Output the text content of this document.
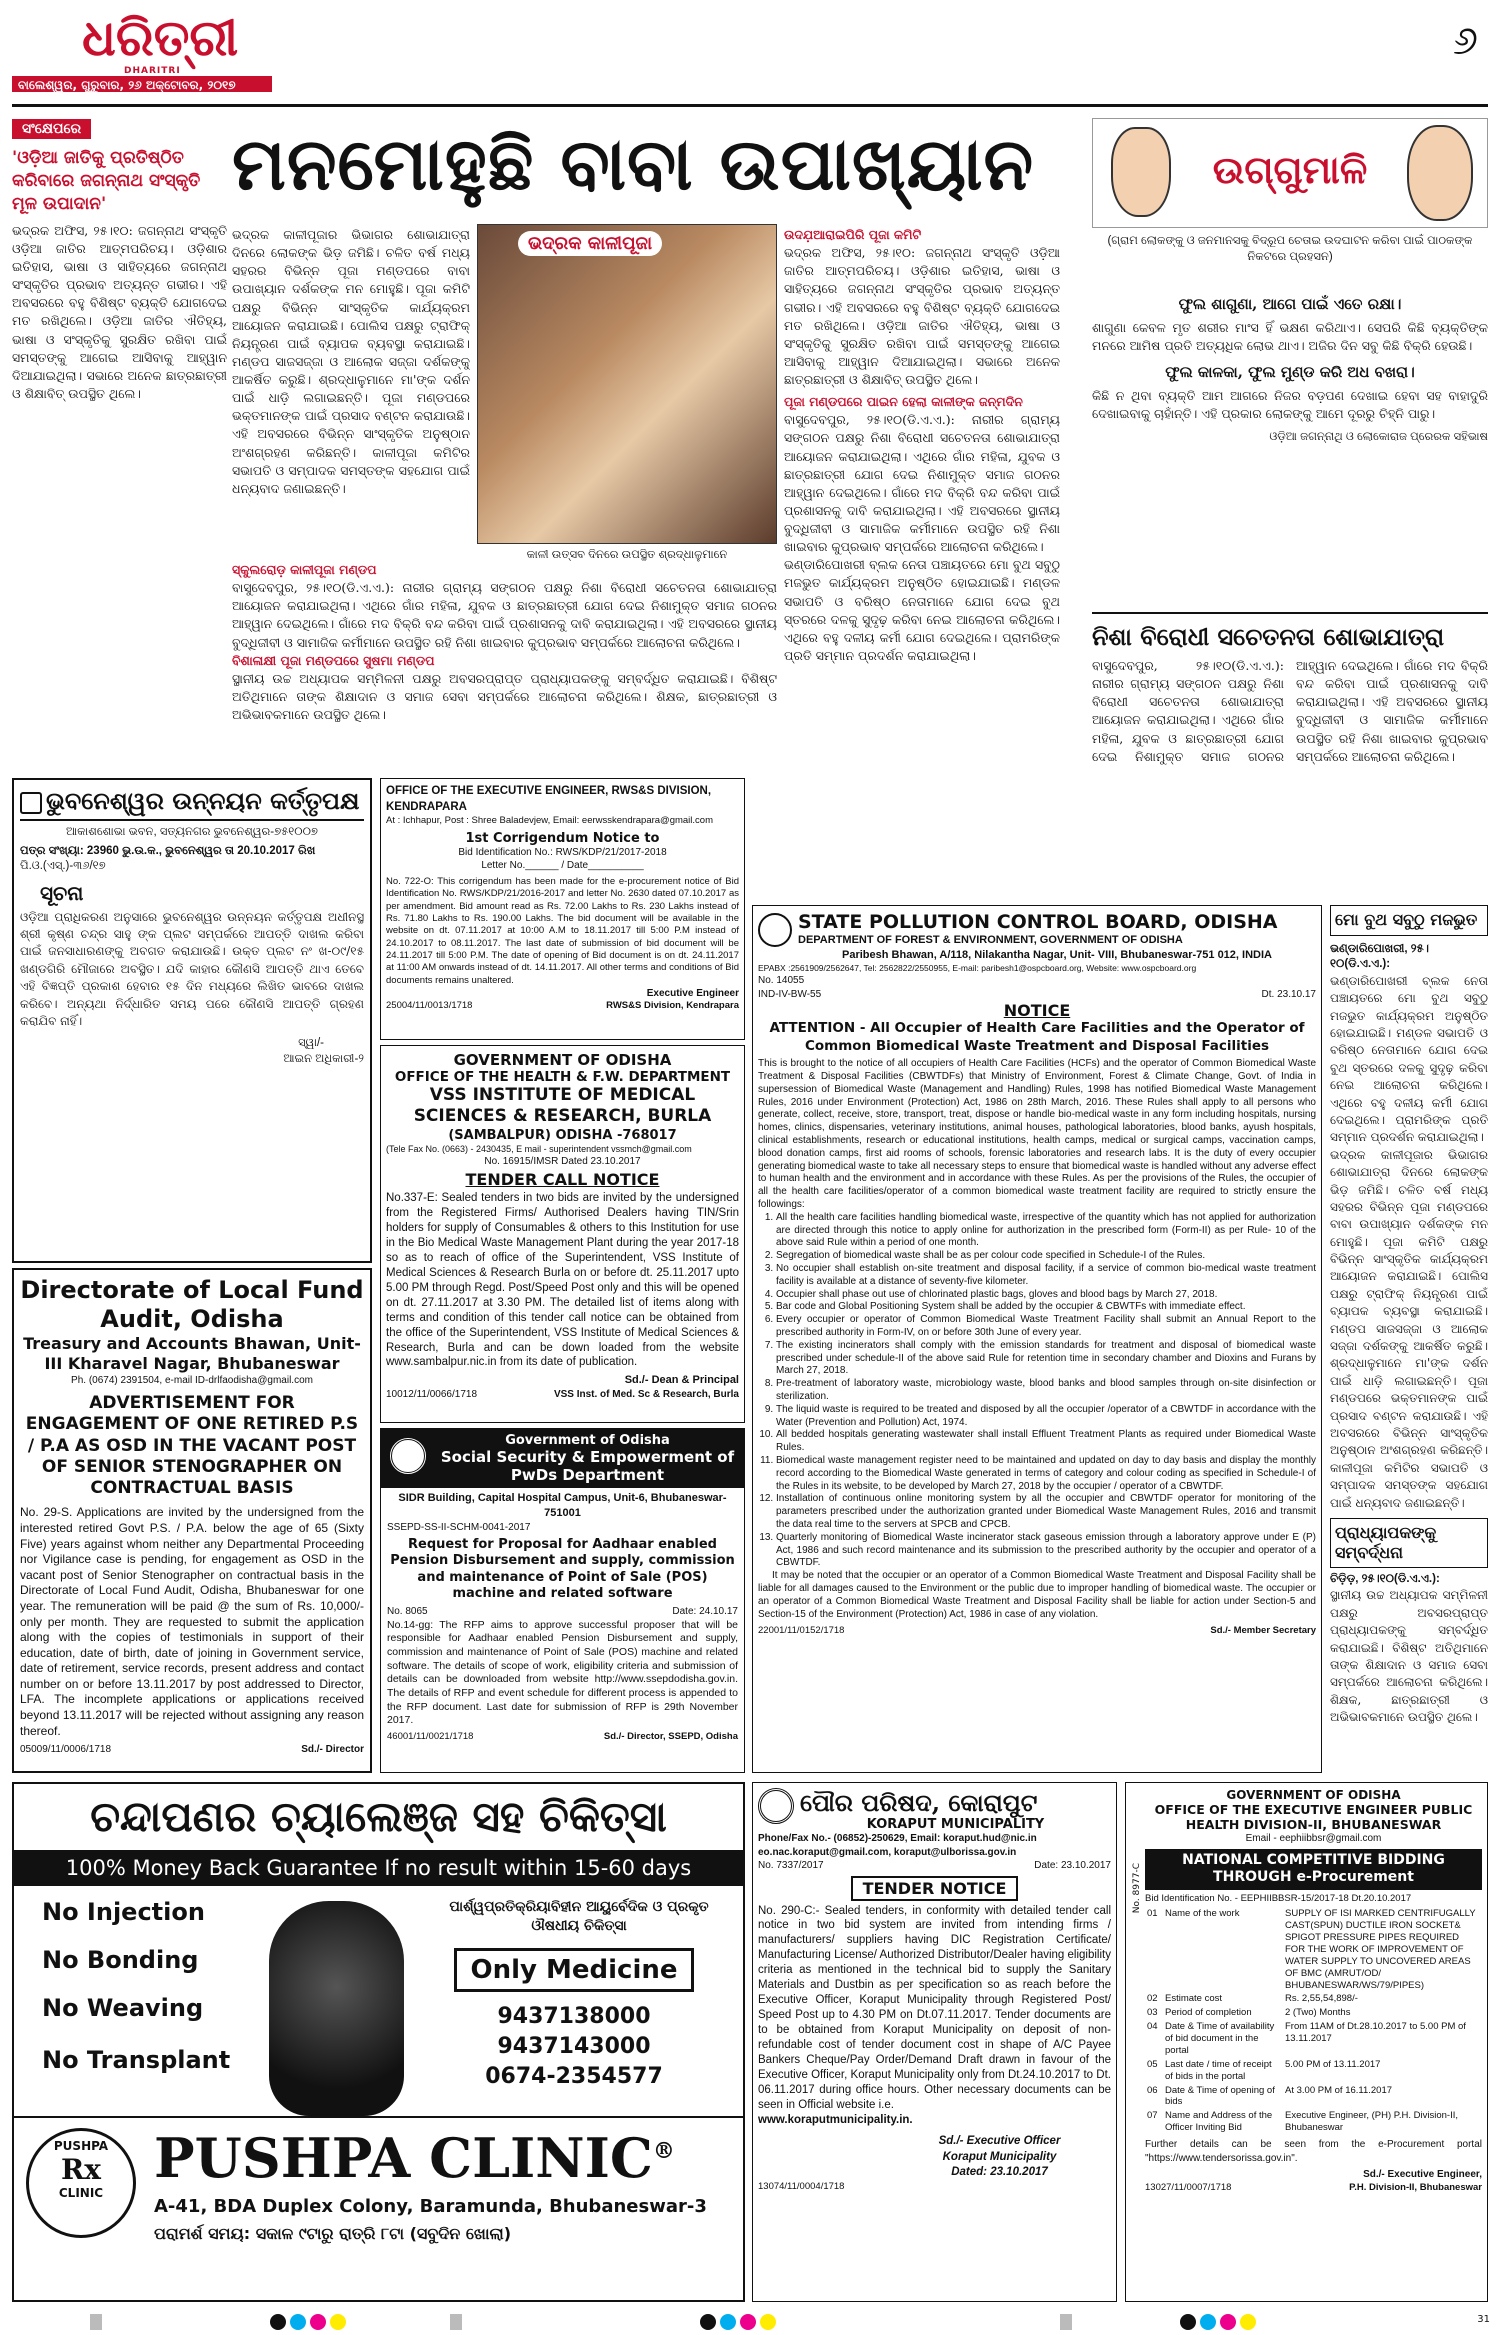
ଧରିତ୍ରୀ
DHARITRI
ବାଲେଶ୍ୱର, ଗୁରୁବାର, ୨୬ ଅକ୍ଟୋବର, ୨୦୧୭
୬
ସଂକ୍ଷେପରେ
'ଓଡ଼ିଆ ଜାତିକୁ ପ୍ରତିଷ୍ଠିତ କରିବାରେ ଜଗନ୍ନାଥ ସଂସ୍କୃତି ମୂଳ ଉପାଦାନ'
ଭଦ୍ରକ ଅଫିସ, ୨୫।୧୦: ଜଗନ୍ନାଥ ସଂସ୍କୃତି ଓଡ଼ିଆ ଜାତିର ଆତ୍ମପରିଚୟ। ଓଡ଼ିଶାର ଇତିହାସ, ଭାଷା ଓ ସାହିତ୍ୟରେ ଜଗନ୍ନାଥ ସଂସ୍କୃତିର ପ୍ରଭାବ ଅତ୍ୟନ୍ତ ଗଭୀର। ଏହି ଅବସରରେ ବହୁ ବିଶିଷ୍ଟ ବ୍ୟକ୍ତି ଯୋଗଦେଇ ମତ ରଖିଥିଲେ। ଓଡ଼ିଆ ଜାତିର ଐତିହ୍ୟ, ଭାଷା ଓ ସଂସ୍କୃତିକୁ ସୁରକ୍ଷିତ ରଖିବା ପାଇଁ ସମସ୍ତଙ୍କୁ ଆଗେଇ ଆସିବାକୁ ଆହ୍ୱାନ ଦିଆଯାଇଥିଲା। ସଭାରେ ଅନେକ ଛାତ୍ରଛାତ୍ରୀ ଓ ଶିକ୍ଷାବିତ୍ ଉପସ୍ଥିତ ଥିଲେ।
ମନମୋହୁଛି ବାବା ଉପାଖ୍ୟାନ
ଭଦ୍ରକ କାଳୀପୂଜାର ଭିଭାଗର ଶୋଭାଯାତ୍ରା ଦିନରେ ଲୋକଙ୍କ ଭିଡ଼ ଜମିଛି। ଚଳିତ ବର୍ଷ ମଧ୍ୟ ସହରର ବିଭିନ୍ନ ପୂଜା ମଣ୍ଡପରେ ବାବା ଉପାଖ୍ୟାନ ଦର୍ଶକଙ୍କ ମନ ମୋହୁଛି। ପୂଜା କମିଟି ପକ୍ଷରୁ ବିଭିନ୍ନ ସାଂସ୍କୃତିକ କାର୍ଯ୍ୟକ୍ରମ ଆୟୋଜନ କରାଯାଇଛି। ପୋଲିସ ପକ୍ଷରୁ ଟ୍ରାଫିକ୍ ନିୟନ୍ତ୍ରଣ ପାଇଁ ବ୍ୟାପକ ବ୍ୟବସ୍ଥା କରାଯାଇଛି। ମଣ୍ଡପ ସାଜସଜ୍ଜା ଓ ଆଲୋକ ସଜ୍ଜା ଦର୍ଶକଙ୍କୁ ଆକର୍ଷିତ କରୁଛି। ଶ୍ରଦ୍ଧାଳୁମାନେ ମା'ଙ୍କ ଦର୍ଶନ ପାଇଁ ଧାଡ଼ି ଲଗାଇଛନ୍ତି। ପୂଜା ମଣ୍ଡପରେ ଭକ୍ତମାନଙ୍କ ପାଇଁ ପ୍ରସାଦ ବଣ୍ଟନ କରାଯାଉଛି। ଏହି ଅବସରରେ ବିଭିନ୍ନ ସାଂସ୍କୃତିକ ଅନୁଷ୍ଠାନ ଅଂଶଗ୍ରହଣ କରିଛନ୍ତି। କାଳୀପୂଜା କମିଟିର ସଭାପତି ଓ ସମ୍ପାଦକ ସମସ୍ତଙ୍କ ସହଯୋଗ ପାଇଁ ଧନ୍ୟବାଦ ଜଣାଇଛନ୍ତି।
ଭଦ୍ରକ କାଳୀପୂଜା
କାଳୀ ଉତ୍ସବ ଦିନରେ ଉପସ୍ଥିତ ଶ୍ରଦ୍ଧାଳୁମାନେ
ଉଦଯ଼ଆରାଇପିରି ପୂଜା କମିଟି
ଭଦ୍ରକ ଅଫିସ, ୨୫।୧୦: ଜଗନ୍ନାଥ ସଂସ୍କୃତି ଓଡ଼ିଆ ଜାତିର ଆତ୍ମପରିଚୟ। ଓଡ଼ିଶାର ଇତିହାସ, ଭାଷା ଓ ସାହିତ୍ୟରେ ଜଗନ୍ନାଥ ସଂସ୍କୃତିର ପ୍ରଭାବ ଅତ୍ୟନ୍ତ ଗଭୀର। ଏହି ଅବସରରେ ବହୁ ବିଶିଷ୍ଟ ବ୍ୟକ୍ତି ଯୋଗଦେଇ ମତ ରଖିଥିଲେ। ଓଡ଼ିଆ ଜାତିର ଐତିହ୍ୟ, ଭାଷା ଓ ସଂସ୍କୃତିକୁ ସୁରକ୍ଷିତ ରଖିବା ପାଇଁ ସମସ୍ତଙ୍କୁ ଆଗେଇ ଆସିବାକୁ ଆହ୍ୱାନ ଦିଆଯାଇଥିଲା। ସଭାରେ ଅନେକ ଛାତ୍ରଛାତ୍ରୀ ଓ ଶିକ୍ଷାବିତ୍ ଉପସ୍ଥିତ ଥିଲେ।
ପୂଜା ମଣ୍ଡପରେ ପାଇନ ହେଲା କାଳୀଙ୍କ ଜନ୍ମଦିନ
ବାସୁଦେବପୁର, ୨୫।୧୦(ଡି.ଏ.ଏ.): ନାରୀର ଗ୍ରାମ୍ୟ ସଙ୍ଗଠନ ପକ୍ଷରୁ ନିଶା ବିରୋଧୀ ସଚେତନତା ଶୋଭାଯାତ୍ରା ଆୟୋଜନ କରାଯାଇଥିଲା। ଏଥିରେ ଗାଁର ମହିଳା, ଯୁବକ ଓ ଛାତ୍ରଛାତ୍ରୀ ଯୋଗ ଦେଇ ନିଶାମୁକ୍ତ ସମାଜ ଗଠନର ଆହ୍ୱାନ ଦେଇଥିଲେ। ଗାଁରେ ମଦ ବିକ୍ରି ବନ୍ଦ କରିବା ପାଇଁ ପ୍ରଶାସନକୁ ଦାବି କରାଯାଇଥିଲା। ଏହି ଅବସରରେ ସ୍ଥାନୀୟ ବୁଦ୍ଧିଜୀବୀ ଓ ସାମାଜିକ କର୍ମୀମାନେ ଉପସ୍ଥିତ ରହି ନିଶା ଖାଇବାର କୁପ୍ରଭାବ ସମ୍ପର୍କରେ ଆଲୋଚନା କରିଥିଲେ।
ଭଣ୍ଡାରିପୋଖରୀ ବ୍ଲକ ନେତା ପଞ୍ଚାୟତରେ ମୋ ବୁଥ ସବୁଠୁ ମଜଭୁତ କାର୍ଯ୍ୟକ୍ରମ ଅନୁଷ୍ଠିତ ହୋଇଯାଇଛି। ମଣ୍ଡଳ ସଭାପତି ଓ ବରିଷ୍ଠ ନେତାମାନେ ଯୋଗ ଦେଇ ବୁଥ ସ୍ତରରେ ଦଳକୁ ସୁଦୃଢ଼ କରିବା ନେଇ ଆଲୋଚନା କରିଥିଲେ। ଏଥିରେ ବହୁ ଦଳୀୟ କର୍ମୀ ଯୋଗ ଦେଇଥିଲେ। ପ୍ରାମରିଙ୍କ ପ୍ରତି ସମ୍ମାନ ପ୍ରଦର୍ଶନ କରାଯାଇଥିଲା।
ସ୍କୁଲରୋଡ଼ କାଳୀପୂଜା ମଣ୍ଡପ
ବାସୁଦେବପୁର, ୨୫।୧୦(ଡି.ଏ.ଏ.): ନାରୀର ଗ୍ରାମ୍ୟ ସଙ୍ଗଠନ ପକ୍ଷରୁ ନିଶା ବିରୋଧୀ ସଚେତନତା ଶୋଭାଯାତ୍ରା ଆୟୋଜନ କରାଯାଇଥିଲା। ଏଥିରେ ଗାଁର ମହିଳା, ଯୁବକ ଓ ଛାତ୍ରଛାତ୍ରୀ ଯୋଗ ଦେଇ ନିଶାମୁକ୍ତ ସମାଜ ଗଠନର ଆହ୍ୱାନ ଦେଇଥିଲେ। ଗାଁରେ ମଦ ବିକ୍ରି ବନ୍ଦ କରିବା ପାଇଁ ପ୍ରଶାସନକୁ ଦାବି କରାଯାଇଥିଲା। ଏହି ଅବସରରେ ସ୍ଥାନୀୟ ବୁଦ୍ଧିଜୀବୀ ଓ ସାମାଜିକ କର୍ମୀମାନେ ଉପସ୍ଥିତ ରହି ନିଶା ଖାଇବାର କୁପ୍ରଭାବ ସମ୍ପର୍କରେ ଆଲୋଚନା କରିଥିଲେ।
ବିଶାଳାକ୍ଷୀ ପୂଜା ମଣ୍ଡପରେ ସୁଷମା ମଣ୍ଡପ
ସ୍ଥାନୀୟ ଉଚ୍ଚ ଅଧ୍ୟାପକ ସମ୍ମିଳନୀ ପକ୍ଷରୁ ଅବସରପ୍ରାପ୍ତ ପ୍ରାଧ୍ୟାପକଙ୍କୁ ସମ୍ବର୍ଦ୍ଧିତ କରାଯାଇଛି। ବିଶିଷ୍ଟ ଅତିଥିମାନେ ତାଙ୍କ ଶିକ୍ଷାଦାନ ଓ ସମାଜ ସେବା ସମ୍ପର୍କରେ ଆଲୋଚନା କରିଥିଲେ। ଶିକ୍ଷକ, ଛାତ୍ରଛାତ୍ରୀ ଓ ଅଭିଭାବକମାନେ ଉପସ୍ଥିତ ଥିଲେ।
ଉଗ୍‌ଗୁମାଳି
(ଗ୍ରାମ ଲୋକଙ୍କୁ ଓ ଜନମାନସକୁ ବିଦ୍ରୂପ ଚେତାଇ ଉଦଘାଟନ କରିବା ପାଇଁ ପାଠକଙ୍କ ନିକଟରେ ପ୍ରହସନ)
ଫୁଲ ଶାଗୁଣା, ଆଗେ ପାଇଁ ଏତେ ରକ୍ଷା।
ଶାଗୁଣା କେବଳ ମୃତ ଶରୀର ମାଂସ ହିଁ ଭକ୍ଷଣ କରିଥାଏ। ସେପରି କିଛି ବ୍ୟକ୍ତିଙ୍କ ମନରେ ଆମିଷ ପ୍ରତି ଅତ୍ୟଧିକ ଲୋଭ ଥାଏ। ଅଜିର ଦିନ ସବୁ କିଛି ବିକ୍ରି ହେଉଛି।
ଫୁଲ କାଳକା, ଫୁଲ ମୁଣ୍ଡ କରି ଅଧ ବଖରା।
କିଛି ନ ଥିବା ବ୍ୟକ୍ତି ଆମ ଆଗରେ ନିଜର ବଡ଼ପଣ ଦେଖାଇ ହେବା ସହ ବାହାଦୁରି ଦେଖାଇବାକୁ ଚାହାଁନ୍ତି। ଏହି ପ୍ରକାର ଲୋକଙ୍କୁ ଆମେ ଦୂରରୁ ଚିହ୍ନି ପାରୁ।
ଓଡ଼ିଆ ଜଗନ୍ନାଥି ଓ ଲୋକୋରାଜ ପ୍ରେରକ ସହିଭାଷ
ନିଶା ବିରୋଧୀ ସଚେତନତା ଶୋଭାଯାତ୍ରା
ବାସୁଦେବପୁର, ୨୫।୧୦(ଡି.ଏ.ଏ.): ନାରୀର ଗ୍ରାମ୍ୟ ସଙ୍ଗଠନ ପକ୍ଷରୁ ନିଶା ବିରୋଧୀ ସଚେତନତା ଶୋଭାଯାତ୍ରା ଆୟୋଜନ କରାଯାଇଥିଲା। ଏଥିରେ ଗାଁର ମହିଳା, ଯୁବକ ଓ ଛାତ୍ରଛାତ୍ରୀ ଯୋଗ ଦେଇ ନିଶାମୁକ୍ତ ସମାଜ ଗଠନର ଆହ୍ୱାନ ଦେଇଥିଲେ। ଗାଁରେ ମଦ ବିକ୍ରି ବନ୍ଦ କରିବା ପାଇଁ ପ୍ରଶାସନକୁ ଦାବି କରାଯାଇଥିଲା। ଏହି ଅବସରରେ ସ୍ଥାନୀୟ ବୁଦ୍ଧିଜୀବୀ ଓ ସାମାଜିକ କର୍ମୀମାନେ ଉପସ୍ଥିତ ରହି ନିଶା ଖାଇବାର କୁପ୍ରଭାବ ସମ୍ପର୍କରେ ଆଲୋଚନା କରିଥିଲେ।
ଭୁବନେଶ୍ୱର ଉନ୍ନୟନ କର୍ତ୍ତୃପକ୍ଷ
ଆକାଶଶୋଭା ଭବନ, ସତ୍ୟନଗର ଭୁବନେଶ୍ୱର-୭୫୧୦୦୭
ପତ୍ର ସଂଖ୍ୟା: 23960 ଭୁ.ଉ.କ., ଭୁବନେଶ୍ୱର ତା 20.10.2017 ରିଖ
ପି.ଓ.(ଏସ୍.)-୩୬/୧୭
ସୂଚନା
ଓଡ଼ିଆ ପ୍ରାଧିକରଣ ଅନୁସାରେ ଭୁବନେଶ୍ୱର ଉନ୍ନୟନ କର୍ତ୍ତୃପକ୍ଷ ଅଧୀନସ୍ଥ ଶ୍ରୀ କୃଷ୍ଣ ଚନ୍ଦ୍ର ସାହୁ ଙ୍କ ପ୍ଲଟ ସମ୍ପର୍କରେ ଆପତ୍ତି ଦାଖଲ କରିବା ପାଇଁ ଜନସାଧାରଣଙ୍କୁ ଅବଗତ କରାଯାଉଛି। ଉକ୍ତ ପ୍ଲଟ ନଂ ଖ-୦୯/୧୫ ଖଣ୍ଡଗିରି ମୌଜାରେ ଅବସ୍ଥିତ। ଯଦି କାହାର କୌଣସି ଆପତ୍ତି ଥାଏ ତେବେ ଏହି ବିଜ୍ଞପ୍ତି ପ୍ରକାଶ ହେବାର ୧୫ ଦିନ ମଧ୍ୟରେ ଲିଖିତ ଭାବରେ ଦାଖଲ କରିବେ। ଅନ୍ୟଥା ନିର୍ଦ୍ଧାରିତ ସମୟ ପରେ କୌଣସି ଆପତ୍ତି ଗ୍ରହଣ କରାଯିବ ନାହିଁ।
ସ୍ୱା/-
ଆଇନ ଅଧିକାରୀ-୨
OFFICE OF THE EXECUTIVE ENGINEER, RWS&S DIVISION, KENDRAPARA
At : Ichhapur, Post : Shree Baladevjew, Email: eerwsskendrapara@gmail.com
1st Corrigendum Notice to
Bid Identification No.: RWS/KDP/21/2017-2018
Letter No.______ / Date__________
No. 722-O: This corrigendum has been made for the e-procurement notice of Bid Identification No. RWS/KDP/21/2016-2017 and letter No. 2630 dated 07.10.2017 as per amendment. Bid amount read as Rs. 72.00 Lakhs to Rs. 230 Lakhs instead of Rs. 71.80 Lakhs to Rs. 190.00 Lakhs. The bid document will be available in the website on dt. 07.11.2017 at 10:00 A.M to 18.11.2017 till 5:00 P.M instead of 24.10.2017 to 08.11.2017. The last date of submission of bid document will be 24.11.2017 till 5:00 P.M. The date of opening of Bid document is on dt. 24.11.2017 at 11:00 AM onwards instead of dt. 14.11.2017. All other terms and conditions of Bid documents remains unaltered.
Executive Engineer
25004/11/0013/1718	RWS&S Division, Kendrapara
GOVERNMENT OF ODISHA
OFFICE OF THE HEALTH & F.W. DEPARTMENT
VSS INSTITUTE OF MEDICAL SCIENCES & RESEARCH, BURLA
(SAMBALPUR) ODISHA -768017
(Tele Fax No. (0663) - 2430435, E mail - superintendent vssmch@gmail.com
No. 16915/IMSR Dated 23.10.2017
TENDER CALL NOTICE
No.337-E: Sealed tenders in two bids are invited by the undersigned from the Registered Firms/ Authorised Dealers having TIN/Srin holders for supply of Consumables & others to this Institution for use in the Bio Medical Waste Management Plant during the year 2017-18 so as to reach of office of the Superintendent, VSS Institute of Medical Sciences & Research Burla on or before dt. 25.11.2017 upto 5.00 PM through Regd. Post/Speed Post only and this will be opened on dt. 27.11.2017 at 3.30 PM. The detailed list of items along with terms and condition of this tender call notice can be obtained from the office of the Superintendent, VSS Institute of Medical Sciences & Research, Burla and can be down loaded from the website www.sambalpur.nic.in from its date of publication.
Sd./- Dean & Principal
10012/11/0066/1718	VSS Inst. of Med. Sc & Research, Burla
Directorate of Local Fund Audit, Odisha
Treasury and Accounts Bhawan, Unit-III Kharavel Nagar, Bhubaneswar
Ph. (0674) 2391504, e-mail ID-drlfaodisha@gmail.com
ADVERTISEMENT FOR ENGAGEMENT OF ONE RETIRED P.S / P.A AS OSD IN THE VACANT POST OF SENIOR STENOGRAPHER ON CONTRACTUAL BASIS
No. 29-S. Applications are invited by the undersigned from the interested retired Govt P.S. / P.A. below the age of 65 (Sixty Five) years against whom neither any Departmental Proceeding nor Vigilance case is pending, for engagement as OSD in the vacant post of Senior Stenographer on contractual basis in the Directorate of Local Fund Audit, Odisha, Bhubaneswar for one year. The remuneration will be paid @ the sum of Rs. 10,000/- only per month. They are requested to submit the application along with the copies of testimonials in support of their education, date of birth, date of joining in Government service, date of retirement, service records, present address and contact number on or before 13.11.2017 by post addressed to Director, LFA. The incomplete applications or applications received beyond 13.11.2017 will be rejected without assigning any reason thereof.
05009/11/0006/1718	Sd./- Director
Government of Odisha
Social Security & Empowerment of PwDs Department
SIDR Building, Capital Hospital Campus, Unit-6, Bhubaneswar-751001
SSEPD-SS-II-SCHM-0041-2017
Request for Proposal for Aadhaar enabled Pension Disbursement and supply, commission and maintenance of Point of Sale (POS) machine and related software
No. 8065	Date: 24.10.17
No.14-gg: The RFP aims to approve successful proposer that will be responsible for Aadhaar enabled Pension Disbursement and supply, commission and maintenance of Point of Sale (POS) machine and related software. The details of scope of work, eligibility criteria and submission of details can be downloaded from website http://www.ssepdodisha.gov.in. The details of RFP and event schedule for different process is appended to the RFP document. Last date for submission of RFP is 29th November 2017.
46001/11/0021/1718	Sd./- Director, SSEPD, Odisha
STATE POLLUTION CONTROL BOARD, ODISHA
DEPARTMENT OF FOREST & ENVIRONMENT, GOVERNMENT OF ODISHA
Paribesh Bhawan, A/118, Nilakantha Nagar, Unit- VIII, Bhubaneswar-751 012, INDIA
EPABX :2561909/2562647, Tel: 2562822/2550955, E-mail: paribesh1@ospcboard.org, Website: www.ospcboard.org
No. 14055
IND-IV-BW-55	Dt. 23.10.17
NOTICE
ATTENTION - All Occupier of Health Care Facilities and the Operator of Common Biomedical Waste Treatment and Disposal Facilities
This is brought to the notice of all occupiers of Health Care Facilities (HCFs) and the operator of Common Biomedical Waste Treatment & Disposal Facilities (CBWTDFs) that Ministry of Environment, Forest & Climate Change, Govt. of India in supersession of Biomedical Waste (Management and Handling) Rules, 1998 has notified Biomedical Waste Management Rules, 2016 under Environment (Protection) Act, 1986 on 28th March, 2016. These Rules shall apply to all persons who generate, collect, receive, store, transport, treat, dispose or handle bio-medical waste in any form including hospitals, nursing homes, clinics, dispensaries, veterinary institutions, animal houses, pathological laboratories, blood banks, ayush hospitals, clinical establishments, research or educational institutions, health camps, medical or surgical camps, vaccination camps, blood donation camps, first aid rooms of schools, forensic laboratories and research labs. It is the duty of every occupier generating biomedical waste to take all necessary steps to ensure that biomedical waste is handled without any adverse effect to human health and the environment and in accordance with these Rules. As per the provisions of the Rules, the occupier of all the health care facilities/operator of a common biomedical waste treatment facility are required to strictly ensure the followings:
1. All the health care facilities handling biomedical waste, irrespective of the quantity which has not applied for authorization are directed through this notice to apply online for authorization in the prescribed form (Form-II) as per Rule- 10 of the above said Rule within a period of one month.
2. Segregation of biomedical waste shall be as per colour code specified in Schedule-I of the Rules.
3. No occupier shall establish on-site treatment and disposal facility, if a service of common bio-medical waste treatment facility is available at a distance of seventy-five kilometer.
4. Occupier shall phase out use of chlorinated plastic bags, gloves and blood bags by March 27, 2018.
5. Bar code and Global Positioning System shall be added by the occupier & CBWTFs with immediate effect.
6. Every occupier or operator of Common Biomedical Waste Treatment Facility shall submit an Annual Report to the prescribed authority in Form-IV, on or before 30th June of every year.
7. The existing incinerators shall comply with the emission standards for treatment and disposal of biomedical waste prescribed under schedule-II of the above said Rule for retention time in secondary chamber and Dioxins and Furans by March 27, 2018.
8. Pre-treatment of laboratory waste, microbiology waste, blood banks and blood samples through on-site disinfection or sterilization.
9. The liquid waste is required to be treated and disposed by all the occupier /operator of a CBWTDF in accordance with the Water (Prevention and Pollution) Act, 1974.
10. All bedded hospitals generating wastewater shall install Effluent Treatment Plants as required under Biomedical Waste Rules.
11. Biomedical waste management register need to be maintained and updated on day to day basis and display the monthly record according to the Biomedical Waste generated in terms of category and colour coding as specified in Schedule-I of the Rules in its website, to be developed by March 27, 2018 by the occupier / operator of a CBWTDF.
12. Installation of continuous online monitoring system by all the occupier and CBWTDF operator for monitoring of the parameters prescribed under the authorization granted under Biomedical Waste Management Rules, 2016 and transmit the data real time to the servers at SPCB and CPCB.
13. Quarterly monitoring of Biomedical Waste incinerator stack gaseous emission through a laboratory approve under E (P) Act, 1986 and such record maintenance and its submission to the prescribed authority by the occupier and operator of a CBWTDF.
It may be noted that the occupier or an operator of a Common Biomedical Waste Treatment and Disposal Facility shall be liable for all damages caused to the Environment or the public due to improper handling of biomedical waste. The occupier or an operator of a Common Biomedical Waste Treatment and Disposal Facility shall be liable for action under Section-5 and Section-15 of the Environment (Protection) Act, 1986 in case of any violation.
22001/11/0152/1718	Sd./- Member Secretary
ମୋ ବୁଥ ସବୁଠୁ ମଜଭୁତ
ଭଣ୍ଡାରିପୋଖରୀ, ୨୫।୧୦(ଡି.ଏ.ଏ.):
ଭଣ୍ଡାରିପୋଖରୀ ବ୍ଲକ ନେତା ପଞ୍ଚାୟତରେ ମୋ ବୁଥ ସବୁଠୁ ମଜଭୁତ କାର୍ଯ୍ୟକ୍ରମ ଅନୁଷ୍ଠିତ ହୋଇଯାଇଛି। ମଣ୍ଡଳ ସଭାପତି ଓ ବରିଷ୍ଠ ନେତାମାନେ ଯୋଗ ଦେଇ ବୁଥ ସ୍ତରରେ ଦଳକୁ ସୁଦୃଢ଼ କରିବା ନେଇ ଆଲୋଚନା କରିଥିଲେ। ଏଥିରେ ବହୁ ଦଳୀୟ କର୍ମୀ ଯୋଗ ଦେଇଥିଲେ। ପ୍ରାମରିଙ୍କ ପ୍ରତି ସମ୍ମାନ ପ୍ରଦର୍ଶନ କରାଯାଇଥିଲା।
ଭଦ୍ରକ କାଳୀପୂଜାର ଭିଭାଗର ଶୋଭାଯାତ୍ରା ଦିନରେ ଲୋକଙ୍କ ଭିଡ଼ ଜମିଛି। ଚଳିତ ବର୍ଷ ମଧ୍ୟ ସହରର ବିଭିନ୍ନ ପୂଜା ମଣ୍ଡପରେ ବାବା ଉପାଖ୍ୟାନ ଦର୍ଶକଙ୍କ ମନ ମୋହୁଛି। ପୂଜା କମିଟି ପକ୍ଷରୁ ବିଭିନ୍ନ ସାଂସ୍କୃତିକ କାର୍ଯ୍ୟକ୍ରମ ଆୟୋଜନ କରାଯାଇଛି। ପୋଲିସ ପକ୍ଷରୁ ଟ୍ରାଫିକ୍ ନିୟନ୍ତ୍ରଣ ପାଇଁ ବ୍ୟାପକ ବ୍ୟବସ୍ଥା କରାଯାଇଛି। ମଣ୍ଡପ ସାଜସଜ୍ଜା ଓ ଆଲୋକ ସଜ୍ଜା ଦର୍ଶକଙ୍କୁ ଆକର୍ଷିତ କରୁଛି। ଶ୍ରଦ୍ଧାଳୁମାନେ ମା'ଙ୍କ ଦର୍ଶନ ପାଇଁ ଧାଡ଼ି ଲଗାଇଛନ୍ତି। ପୂଜା ମଣ୍ଡପରେ ଭକ୍ତମାନଙ୍କ ପାଇଁ ପ୍ରସାଦ ବଣ୍ଟନ କରାଯାଉଛି। ଏହି ଅବସରରେ ବିଭିନ୍ନ ସାଂସ୍କୃତିକ ଅନୁଷ୍ଠାନ ଅଂଶଗ୍ରହଣ କରିଛନ୍ତି। କାଳୀପୂଜା କମିଟିର ସଭାପତି ଓ ସମ୍ପାଦକ ସମସ୍ତଙ୍କ ସହଯୋଗ ପାଇଁ ଧନ୍ୟବାଦ ଜଣାଇଛନ୍ତି।
ପ୍ରାଧ୍ୟାପକଙ୍କୁ ସମ୍ବର୍ଦ୍ଧନା
ଚିଡ଼ିଡ଼, ୨୫।୧୦(ଡି.ଏ.ଏ.):
ସ୍ଥାନୀୟ ଉଚ୍ଚ ଅଧ୍ୟାପକ ସମ୍ମିଳନୀ ପକ୍ଷରୁ ଅବସରପ୍ରାପ୍ତ ପ୍ରାଧ୍ୟାପକଙ୍କୁ ସମ୍ବର୍ଦ୍ଧିତ କରାଯାଇଛି। ବିଶିଷ୍ଟ ଅତିଥିମାନେ ତାଙ୍କ ଶିକ୍ଷାଦାନ ଓ ସମାଜ ସେବା ସମ୍ପର୍କରେ ଆଲୋଚନା କରିଥିଲେ। ଶିକ୍ଷକ, ଛାତ୍ରଛାତ୍ରୀ ଓ ଅଭିଭାବକମାନେ ଉପସ୍ଥିତ ଥିଲେ।
ଚନ୍ଦାପଣର ଚ୍ୟାଲେଞ୍ଜ ସହ ଚିକିତ୍ସା
100% Money Back Guarantee If no result within 15-60 days
No Injection
No Bonding
No Weaving
No Transplant
ପାର୍ଶ୍ୱପ୍ରତିକ୍ରିୟାବିହୀନ ଆୟୁର୍ବେଦିକ ଓ ପ୍ରକୃତ ଔଷଧୀୟ ଚିକିତ୍ସା
Only Medicine
9437138000
9437143000
0674-2354577
PUSHPA
Rx
CLINIC
PUSHPA CLINIC®
A-41, BDA Duplex Colony, Baramunda, Bhubaneswar-3
ପରାମର୍ଶ ସମୟ: ସକାଳ ୯ଟାରୁ ରାତ୍ରି ୮ଟା (ସବୁଦିନ ଖୋଲା)
ପୌର ପରିଷଦ, କୋରାପୁଟ
KORAPUT MUNICIPALITY
Phone/Fax No.- (06852)-250629, Email: koraput.hud@nic.in
eo.nac.koraput@gmail.com, koraput@ulborissa.gov.in
No. 7337/2017	Date: 23.10.2017
TENDER NOTICE
No. 290-C:- Sealed tenders, in conformity with detailed tender call notice in two bid system are invited from intending firms / manufacturers/ suppliers having DIC Registration Certificate/ Manufacturing License/ Authorized Distributor/Dealer having eligibility criteria as mentioned in the technical bid to supply the Sanitary Materials and Dustbin as per specification so as reach before the Executive Officer, Koraput Municipality through Registered Post/ Speed Post up to 4.30 PM on Dt.07.11.2017. Tender documents are to be obtained from Koraput Municipality on deposit of non-refundable cost of tender document cost in shape of A/C Payee Bankers Cheque/Pay Order/Demand Draft drawn in favour of the Executive Officer, Koraput Municipality only from Dt.24.10.2017 to Dt. 06.11.2017 during office hours. Other necessary documents can be seen in Official website i.e.
www.koraputmunicipality.in.
Sd./- Executive Officer
Koraput Municipality
Dated: 23.10.2017
13074/11/0004/1718
No. 8977-C
GOVERNMENT OF ODISHA
OFFICE OF THE EXECUTIVE ENGINEER PUBLIC HEALTH DIVISION-II, BHUBANESWAR
Email - eephiibbsr@gmail.com
NATIONAL COMPETITIVE BIDDING THROUGH e-Procurement
Bid Identification No. - EEPHIIBBSR-15/2017-18 Dt.20.10.2017
01	Name of the work	SUPPLY OF ISI MARKED CENTRIFUGALLY CAST(SPUN) DUCTILE IRON SOCKET& SPIGOT PRESSURE PIPES REQUIRED FOR THE WORK OF IMPROVEMENT OF WATER SUPPLY TO UNCOVERED AREAS OF BMC (AMRUT/OD/ BHUBANESWAR/WS/79/PIPES)
02	Estimate cost	Rs. 2,55,54,898/-
03	Period of completion	2 (Two) Months
04	Date & Time of availability of bid document in the portal	From 11AM of Dt.28.10.2017 to 5.00 PM of 13.11.2017
05	Last date / time of receipt of bids in the portal	5.00 PM of 13.11.2017
06	Date & Time of opening of bids	At 3.00 PM of 16.11.2017
07	Name and Address of the Officer Inviting Bid	Executive Engineer, (PH) P.H. Division-II, Bhubaneswar
Further details can be seen from the e-Procurement portal "https://www.tendersorissa.gov.in".
Sd./- Executive Engineer,
13027/11/0007/1718	P.H. Division-II, Bhubaneswar
31
